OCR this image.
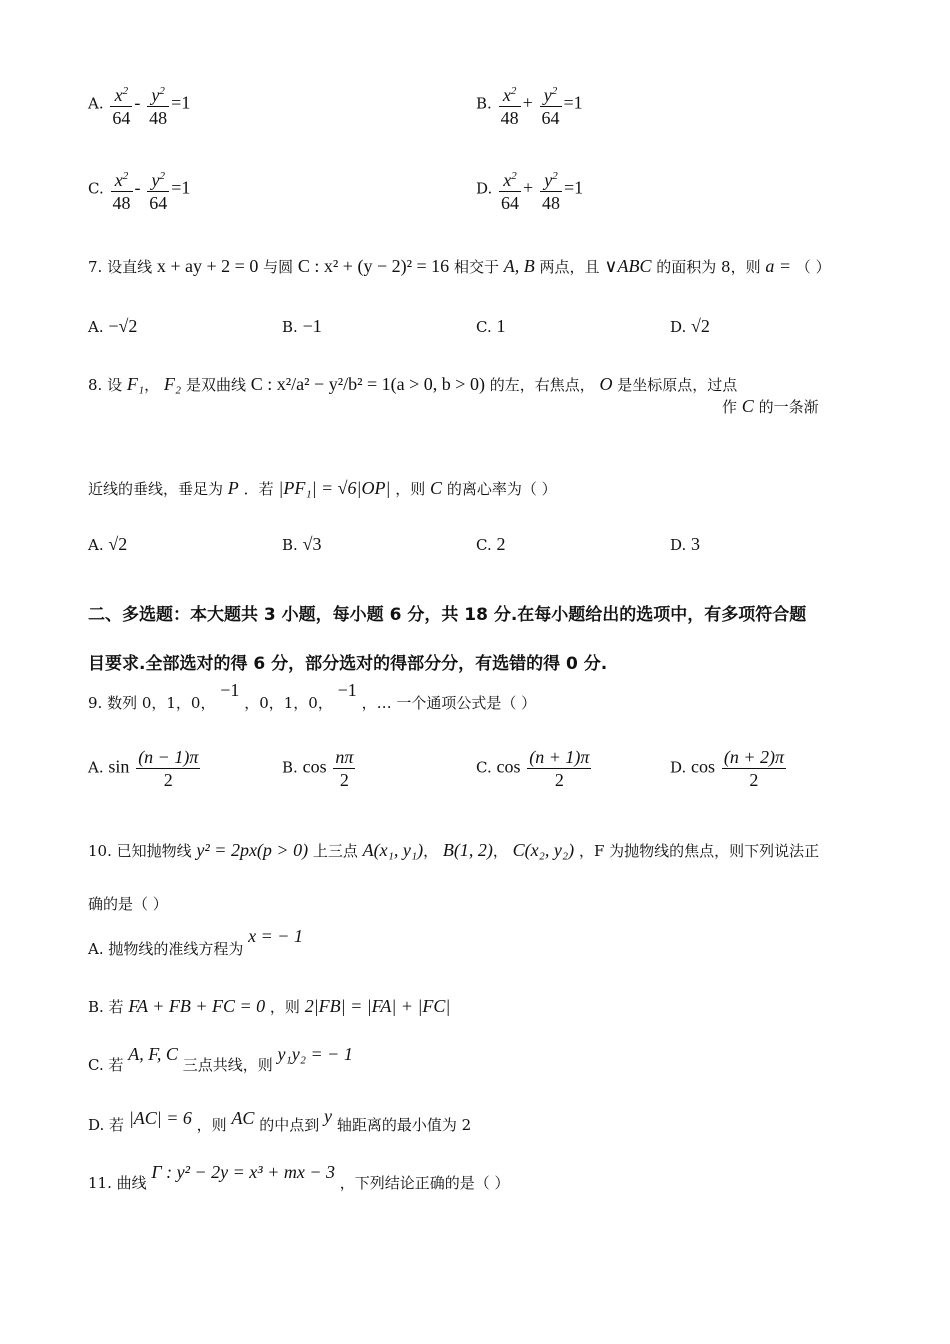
A. $\frac{x^2}{64} - \frac{y^2}{48} =1$	B. $\frac{x^2}{48} + \frac{y^2}{64} =1$
C. $\frac{x^2}{48} - \frac{y^2}{64} =1$	D. $\frac{x^2}{64} + \frac{y^2}{48} =1$
7. 设直线 x + ay + 2 = 0 与圆 C : x² + (y − 2)² = 16 相交于 A, B 两点，且 ∨ABC 的面积为 8，则 a = （ ）
A. −√2	B. −1	C. 1	D. √2
8. 设 F₁， F₂ 是双曲线 C : x²/a² − y²/b² = 1(a > 0, b > 0) 的左，右焦点， O 是坐标原点，过点
作 C 的一条渐
近线的垂线，垂足为 P ．若 |PF₁| = √6|OP| ，则 C 的离心率为（ ）
A. √2	B. √3	C. 2	D. 3
二、多选题：本大题共 3 小题，每小题 6 分，共 18 分.在每小题给出的选项中，有多项符合题
目要求.全部选对的得 6 分，部分选对的得部分分，有选错的得 0 分.
9. 数列 0，1，0， −1 ，0，1，0， −1 ，… 一个通项公式是（ ）
A. $\sin \frac{(n - 1)\pi}{2}$	B. $\cos \frac{n\pi}{2}$	C. $\cos \frac{(n + 1)\pi}{2}$	D. $\cos \frac{(n + 2)\pi}{2}$
10. 已知抛物线 y² = 2px(p > 0) 上三点 A(x₁, y₁)， B(1, 2)， C(x₂, y₂) ，F 为抛物线的焦点，则下列说法正
确的是（ ）
A. 抛物线的准线方程为 x = − 1
B. 若 FA + FB + FC = 0 ，则 2|FB| = |FA| + |FC|
C. 若 A, F, C 三点共线，则 y₁y₂ = − 1
D. 若 |AC| = 6 ，则 AC 的中点到 y 轴距离的最小值为 2
11. 曲线 Γ : y² − 2y = x³ + mx − 3 ，下列结论正确的是（ ）
